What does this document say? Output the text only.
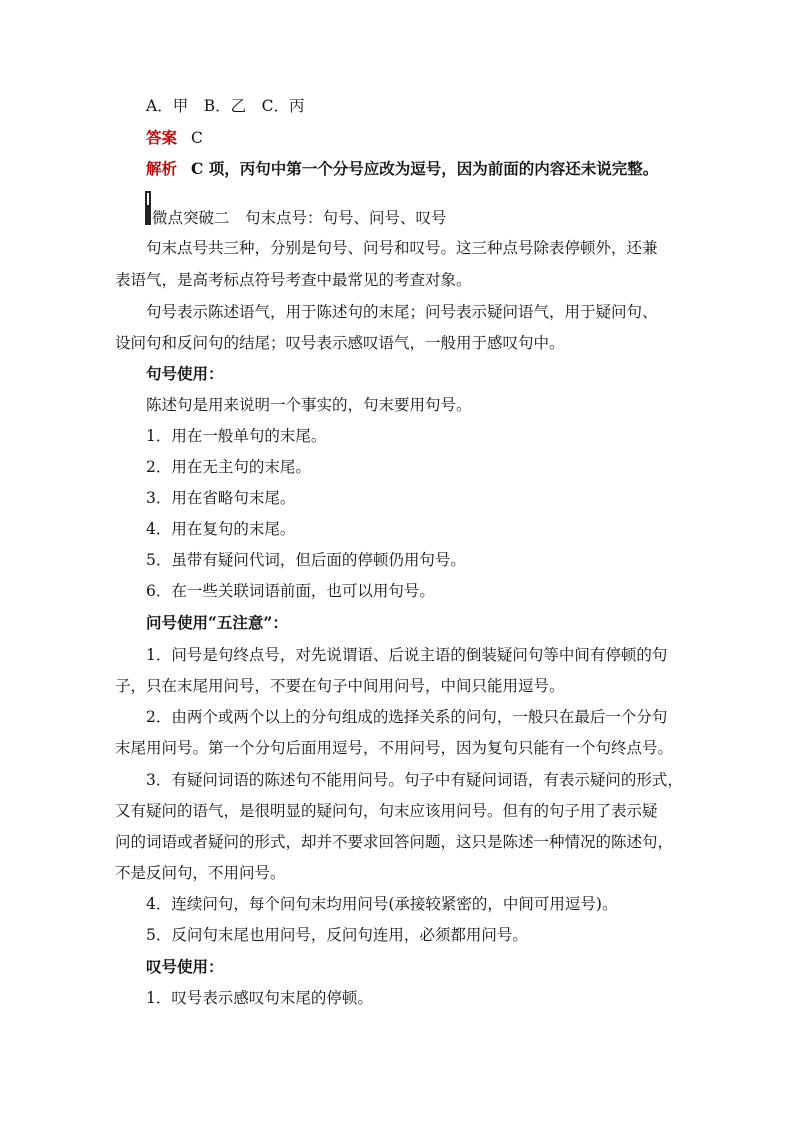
A．甲　B．乙　C．丙
答案 C
解析 C 项，丙句中第一个分号应改为逗号，因为前面的内容还未说完整。
微点突破二　句末点号：句号、问号、叹号
句末点号共三种，分别是句号、问号和叹号。这三种点号除表停顿外，还兼
表语气，是高考标点符号考查中最常见的考查对象。
句号表示陈述语气，用于陈述句的末尾；问号表示疑问语气，用于疑问句、
设问句和反问句的结尾；叹号表示感叹语气，一般用于感叹句中。
句号使用：
陈述句是用来说明一个事实的，句末要用句号。
1．用在一般单句的末尾。
2．用在无主句的末尾。
3．用在省略句末尾。
4．用在复句的末尾。
5．虽带有疑问代词，但后面的停顿仍用句号。
6．在一些关联词语前面，也可以用句号。
问号使用“五注意”：
1．问号是句终点号，对先说谓语、后说主语的倒装疑问句等中间有停顿的句
子，只在末尾用问号，不要在句子中间用问号，中间只能用逗号。
2．由两个或两个以上的分句组成的选择关系的问句，一般只在最后一个分句
末尾用问号。第一个分句后面用逗号，不用问号，因为复句只能有一个句终点号。
3．有疑问词语的陈述句不能用问号。句子中有疑问词语，有表示疑问的形式，
又有疑问的语气，是很明显的疑问句，句末应该用问号。但有的句子用了表示疑
问的词语或者疑问的形式，却并不要求回答问题，这只是陈述一种情况的陈述句，
不是反问句，不用问号。
4．连续问句，每个问句末均用问号(承接较紧密的，中间可用逗号)。
5．反问句末尾也用问号，反问句连用，必须都用问号。
叹号使用：
1．叹号表示感叹句末尾的停顿。
